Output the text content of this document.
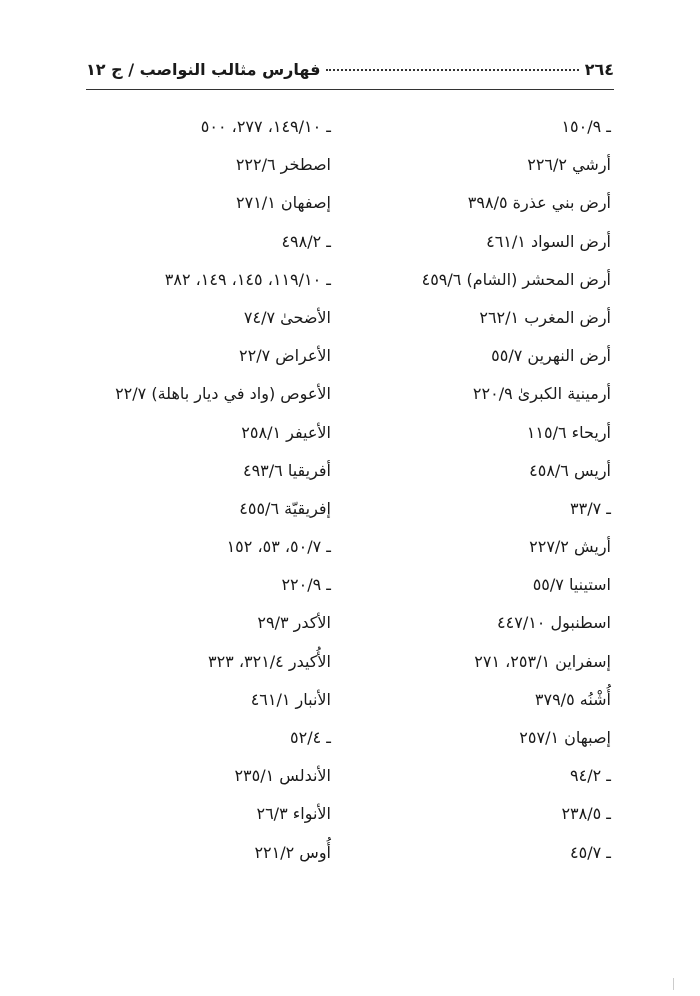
٢٦٤
فهارس مثالب النواصب / ج ١٢
ـ ١٥٠/٩
أرشي ٢٢٦/٢
أرض بني عذرة ٣٩٨/٥
أرض السواد ٤٦١/١
أرض المحشر (الشام) ٤٥٩/٦
أرض المغرب ٢٦٢/١
أرض النهرين ٥٥/٧
أرمينية الكبرىٰ ٢٢٠/٩
أريحاء ١١٥/٦
أريس ٤٥٨/٦
ـ ٣٣/٧
أريش ٢٢٧/٢
استينيا ٥٥/٧
اسطنبول ٤٤٧/١٠
إسفراين ٢٥٣/١، ٢٧١
أُشْنُه ٣٧٩/٥
إصبهان ٢٥٧/١
ـ ٩٤/٢
ـ ٢٣٨/٥
ـ ٤٥/٧
ـ ١٤٩/١٠، ٢٧٧، ٥٠٠
اصطخر ٢٢٢/٦
إصفهان ٢٧١/١
ـ ٤٩٨/٢
ـ ١١٩/١٠، ١٤٥، ١٤٩، ٣٨٢
الأضحىٰ ٧٤/٧
الأعراض ٢٢/٧
الأعوص (واد في ديار باهلة) ٢٢/٧
الأعيفر ٢٥٨/١
أفريقيا ٤٩٣/٦
إفريقيّة ٤٥٥/٦
ـ ٥٠/٧، ٥٣، ١٥٢
ـ ٢٢٠/٩
الأكدر ٢٩/٣
الأُكيدر ٣٢١/٤، ٣٢٣
الأنبار ٤٦١/١
ـ ٥٢/٤
الأندلس ٢٣٥/١
الأنواء ٢٦/٣
أُوس ٢٢١/٢
